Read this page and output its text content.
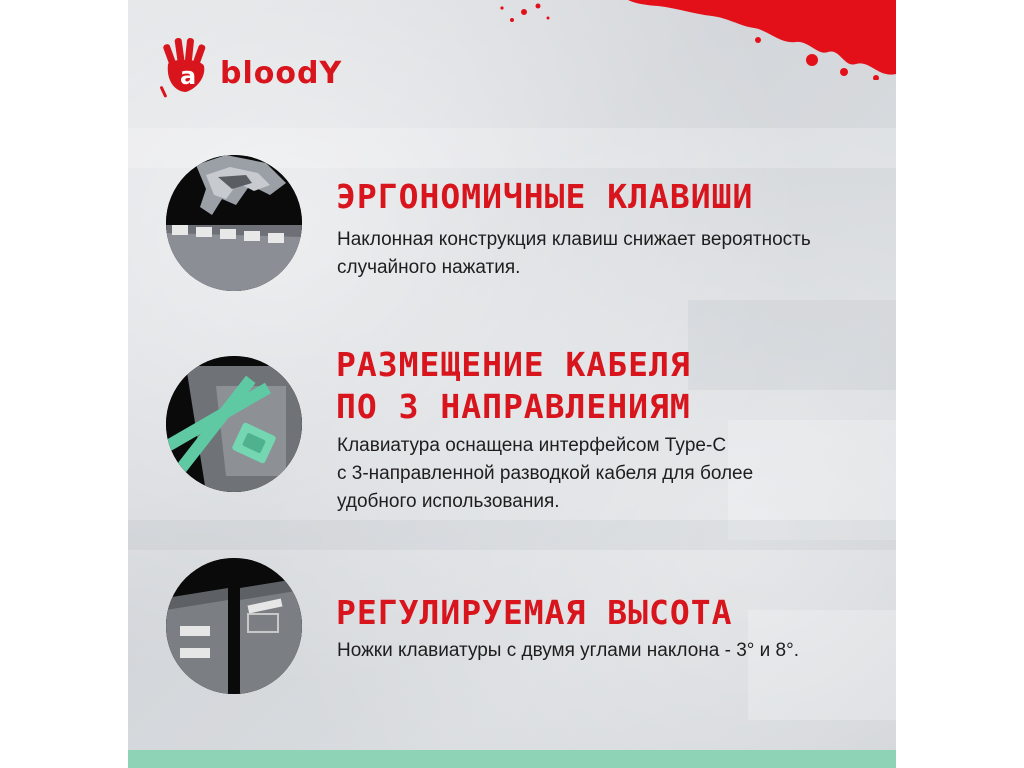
a bloodY
ЭРГОНОМИЧНЫЕ КЛАВИШИ
Наклонная конструкция клавиш снижает вероятность
случайного нажатия.
РАЗМЕЩЕНИЕ КАБЕЛЯ
ПО 3 НАПРАВЛЕНИЯМ
Клавиатура оснащена интерфейсом Type-C
с 3-направленной разводкой кабеля для более
удобного использования.
РЕГУЛИРУЕМАЯ ВЫСОТА
Ножки клавиатуры с двумя углами наклона - 3° и 8°.
